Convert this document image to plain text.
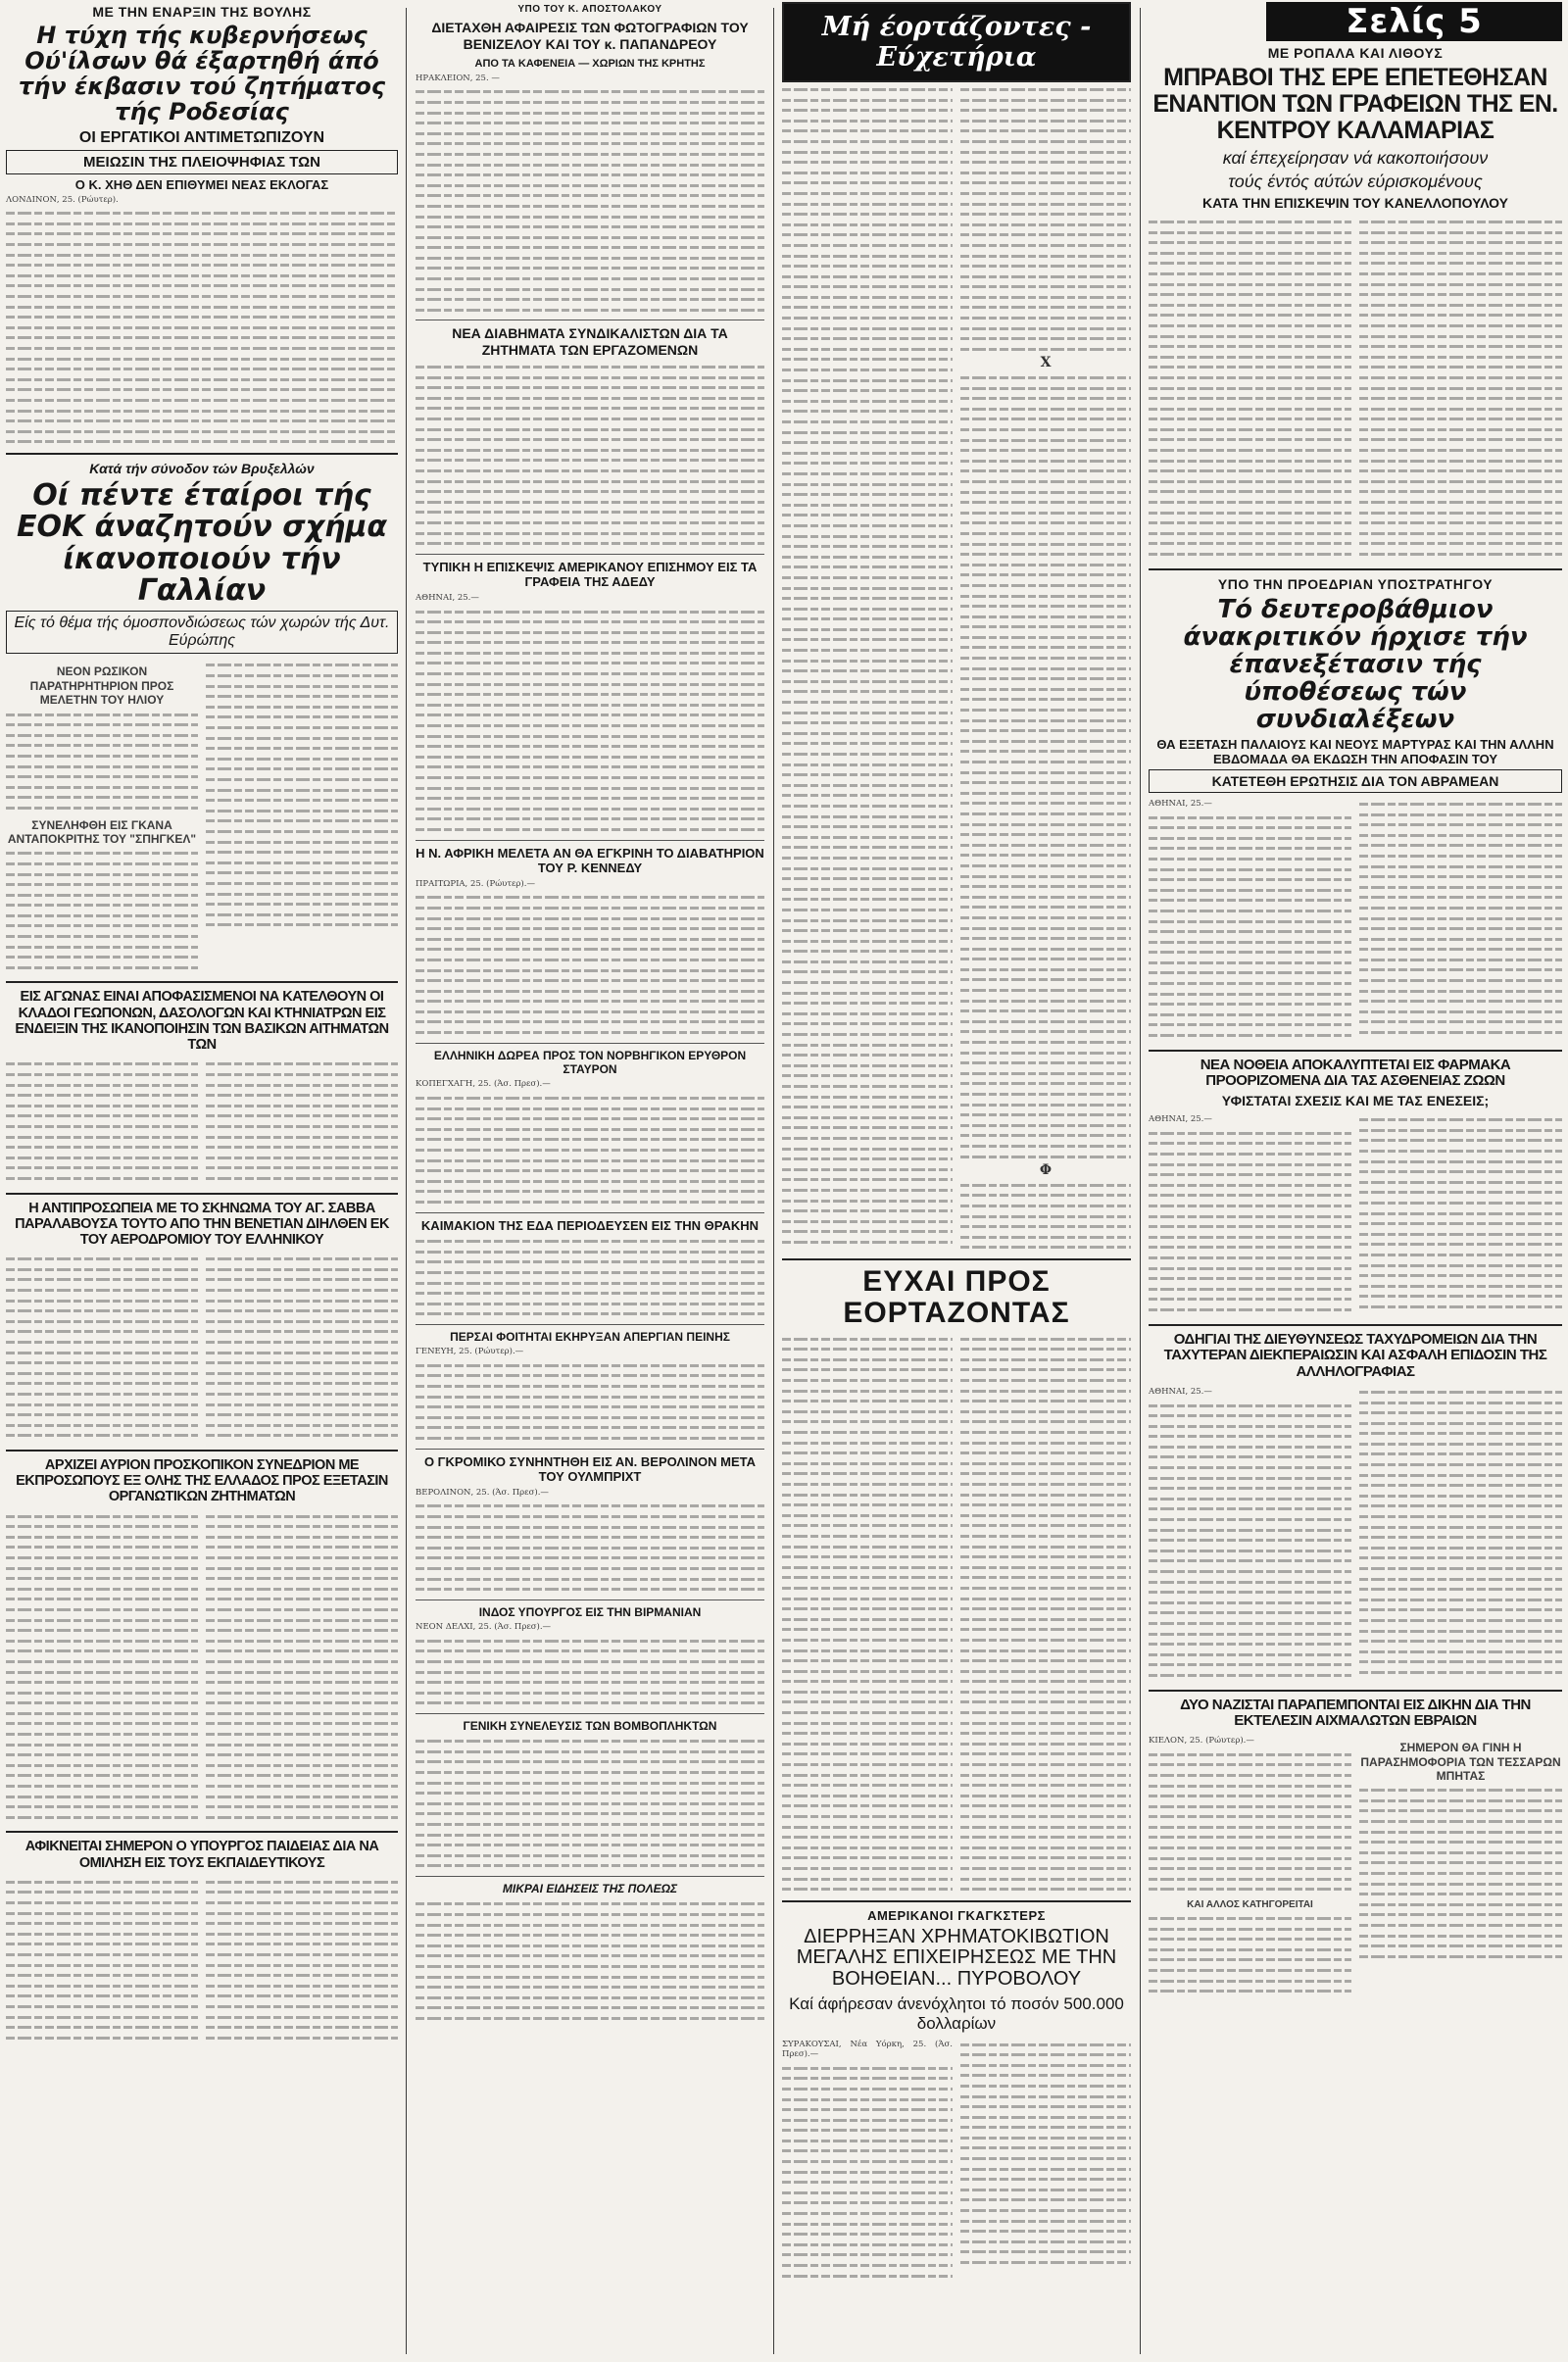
ΜΕ ΤΗΝ ΕΝΑΡΞΙΝ ΤΗΣ ΒΟΥΛΗΣ
Η τύχη τής κυβερνήσεως Ού'ίλσων θά έξαρτηθή άπό τήν έκβασιν τού ζητήματος τής Ροδεσίας
ΟΙ ΕΡΓΑΤΙΚΟΙ ΑΝΤΙΜΕΤΩΠΙΖΟΥΝ
ΜΕΙΩΣΙΝ ΤΗΣ ΠΛΕΙΟΨΗΦΙΑΣ ΤΩΝ
Ο Κ. ΧΗΘ ΔΕΝ ΕΠΙΘΥΜΕΙ ΝΕΑΣ ΕΚΛΟΓΑΣ

ΛΟΝΔΙΝΟΝ, 25. (Ρώυτερ).

Κατά τήν σύνοδον τών Βρυξελλών
Οί πέντε έταίροι τής ΕΟΚ άναζητούν σχήμα ίκανοποιούν τήν Γαλλίαν
Είς τό θέμα τής όμοσπονδιώσεως τών χωρών τής Δυτ. Εύρώπης
ΝΕΟΝ ΡΩΣΙΚΟΝ ΠΑΡΑΤΗΡΗΤΗΡΙΟΝ ΠΡΟΣ ΜΕΛΕΤΗΝ ΤΟΥ ΗΛΙΟΥ
ΣΥΝΕΛΗΦΘΗ ΕΙΣ ΓΚΑΝΑ ΑΝΤΑΠΟΚΡΙΤΗΣ ΤΟΥ "ΣΠΗΓΚΕΛ"
ΕΙΣ ΑΓΩΝΑΣ ΕΙΝΑΙ ΑΠΟΦΑΣΙΣΜΕΝΟΙ ΝΑ ΚΑΤΕΛΘΟΥΝ ΟΙ ΚΛΑΔΟΙ ΓΕΩΠΟΝΩΝ, ΔΑΣΟΛΟΓΩΝ ΚΑΙ ΚΤΗΝΙΑΤΡΩΝ ΕΙΣ ΕΝΔΕΙΞΙΝ ΤΗΣ ΙΚΑΝΟΠΟΙΗΣΙΝ ΤΩΝ ΒΑΣΙΚΩΝ ΑΙΤΗΜΑΤΩΝ ΤΩΝ
Η ΑΝΤΙΠΡΟΣΩΠΕΙΑ ΜΕ ΤΟ ΣΚΗΝΩΜΑ ΤΟΥ ΑΓ. ΣΑΒΒΑ ΠΑΡΑΛΑΒΟΥΣΑ ΤΟΥΤΟ ΑΠΟ ΤΗΝ ΒΕΝΕΤΙΑΝ ΔΙΗΛΘΕΝ ΕΚ ΤΟΥ ΑΕΡΟΔΡΟΜΙΟΥ ΤΟΥ ΕΛΛΗΝΙΚΟΥ
ΑΡΧΙΖΕΙ ΑΥΡΙΟΝ ΠΡΟΣΚΟΠΙΚΟΝ ΣΥΝΕΔΡΙΟΝ ΜΕ ΕΚΠΡΟΣΩΠΟΥΣ ΕΞ ΟΛΗΣ ΤΗΣ ΕΛΛΑΔΟΣ ΠΡΟΣ ΕΞΕΤΑΣΙΝ ΟΡΓΑΝΩΤΙΚΩΝ ΖΗΤΗΜΑΤΩΝ
ΑΦΙΚΝΕΙΤΑΙ ΣΗΜΕΡΟΝ Ο ΥΠΟΥΡΓΟΣ ΠΑΙΔΕΙΑΣ ΔΙΑ ΝΑ ΟΜΙΛΗΣΗ ΕΙΣ ΤΟΥΣ ΕΚΠΑΙΔΕΥΤΙΚΟΥΣ
ΥΠΟ ΤΟΥ Κ. ΑΠΟΣΤΟΛΑΚΟΥ
ΔΙΕΤΑΧΘΗ ΑΦΑΙΡΕΣΙΣ ΤΩΝ ΦΩΤΟΓΡΑΦΙΩΝ ΤΟΥ ΒΕΝΙΖΕΛΟΥ ΚΑΙ ΤΟΥ κ. ΠΑΠΑΝΔΡΕΟΥ
ΑΠΟ ΤΑ ΚΑΦΕΝΕΙΑ — ΧΩΡΙΩΝ ΤΗΣ ΚΡΗΤΗΣ

ΗΡΑΚΛΕΙΟΝ, 25. —

ΝΕΑ ΔΙΑΒΗΜΑΤΑ ΣΥΝΔΙΚΑΛΙΣΤΩΝ ΔΙΑ ΤΑ ΖΗΤΗΜΑΤΑ ΤΩΝ ΕΡΓΑΖΟΜΕΝΩΝ
ΤΥΠΙΚΗ Η ΕΠΙΣΚΕΨΙΣ ΑΜΕΡΙΚΑΝΟΥ ΕΠΙΣΗΜΟΥ ΕΙΣ ΤΑ ΓΡΑΦΕΙΑ ΤΗΣ ΑΔΕΔΥ

ΑΘΗΝΑΙ, 25.—

Η Ν. ΑΦΡΙΚΗ ΜΕΛΕΤΑ ΑΝ ΘΑ ΕΓΚΡΙΝΗ ΤΟ ΔΙΑΒΑΤΗΡΙΟΝ ΤΟΥ Ρ. ΚΕΝΝΕΔΥ

ΠΡΑΙΤΩΡΙΑ, 25. (Ρώυτερ).—

ΕΛΛΗΝΙΚΗ ΔΩΡΕΑ ΠΡΟΣ ΤΟΝ ΝΟΡΒΗΓΙΚΟΝ ΕΡΥΘΡΟΝ ΣΤΑΥΡΟΝ

ΚΟΠΕΓΧΑΓΗ, 25. (Άσ. Πρεσ).—

ΚΑΙΜΑΚΙΟΝ ΤΗΣ ΕΔΑ ΠΕΡΙΟΔΕΥΣΕΝ ΕΙΣ ΤΗΝ ΘΡΑΚΗΝ
ΠΕΡΣΑΙ ΦΟΙΤΗΤΑΙ ΕΚΗΡΥΞΑΝ ΑΠΕΡΓΙΑΝ ΠΕΙΝΗΣ

ΓΕΝΕΥΗ, 25. (Ρώυτερ).—

Ο ΓΚΡΟΜΙΚΟ ΣΥΝΗΝΤΗΘΗ ΕΙΣ ΑΝ. ΒΕΡΟΛΙΝΟΝ ΜΕΤΑ ΤΟΥ ΟΥΛΜΠΡΙΧΤ

ΒΕΡΟΛΙΝΟΝ, 25. (Άσ. Πρεσ).—

ΙΝΔΟΣ ΥΠΟΥΡΓΟΣ ΕΙΣ ΤΗΝ ΒΙΡΜΑΝΙΑΝ

ΝΕΟΝ ΔΕΛΧΙ, 25. (Άσ. Πρεσ).—

ΓΕΝΙΚΗ ΣΥΝΕΛΕΥΣΙΣ ΤΩΝ ΒΟΜΒΟΠΛΗΚΤΩΝ
ΜΙΚΡΑΙ ΕΙΔΗΣΕΙΣ ΤΗΣ ΠΟΛΕΩΣ
Μή έορτάζοντες - Εύχετήρια
Χ
Φ
ΕΥΧΑΙ ΠΡΟΣ ΕΟΡΤΑΖΟΝΤΑΣ
ΑΜΕΡΙΚΑΝΟΙ ΓΚΑΓΚΣΤΕΡΣ
ΔΙΕΡΡΗΞΑΝ ΧΡΗΜΑΤΟΚΙΒΩΤΙΟΝ ΜΕΓΑΛΗΣ ΕΠΙΧΕΙΡΗΣΕΩΣ ΜΕ ΤΗΝ ΒΟΗΘΕΙΑΝ... ΠΥΡΟΒΟΛΟΥ
Καί άφήρεσαν άνενόχλητοι τό ποσόν 500.000 δολλαρίων

ΣΥΡΑΚΟΥΣΑΙ, Νέα Υόρκη, 25. (Άσ. Πρεσ).—

Σελίς 5
ΜΕ ΡΟΠΑΛΑ ΚΑΙ ΛΙΘΟΥΣ
ΜΠΡΑΒΟΙ ΤΗΣ ΕΡΕ ΕΠΕΤΕΘΗΣΑΝ ΕΝΑΝΤΙΟΝ ΤΩΝ ΓΡΑΦΕΙΩΝ ΤΗΣ ΕΝ. ΚΕΝΤΡΟΥ ΚΑΛΑΜΑΡΙΑΣ
καί έπεχείρησαν νά κακοποιήσουν
τούς έντός αύτών εύρισκομένους
ΚΑΤΑ ΤΗΝ ΕΠΙΣΚΕΨΙΝ ΤΟΥ ΚΑΝΕΛΛΟΠΟΥΛΟΥ
ΥΠΟ ΤΗΝ ΠΡΟΕΔΡΙΑΝ ΥΠΟΣΤΡΑΤΗΓΟΥ
Τό δευτεροβάθμιον άνακριτικόν ήρχισε τήν έπανεξέτασιν τής ύποθέσεως τών συνδιαλέξεων
ΘΑ ΕΞΕΤΑΣΗ ΠΑΛΑΙΟΥΣ ΚΑΙ ΝΕΟΥΣ ΜΑΡΤΥΡΑΣ ΚΑΙ ΤΗΝ ΑΛΛΗΝ ΕΒΔΟΜΑΔΑ ΘΑ ΕΚΔΩΣΗ ΤΗΝ ΑΠΟΦΑΣΙΝ ΤΟΥ
ΚΑΤΕΤΕΘΗ ΕΡΩΤΗΣΙΣ ΔΙΑ ΤΟΝ ΑΒΡΑΜΕΑΝ

ΑΘΗΝΑΙ, 25.—

ΝΕΑ ΝΟΘΕΙΑ ΑΠΟΚΑΛΥΠΤΕΤΑΙ ΕΙΣ ΦΑΡΜΑΚΑ ΠΡΟΟΡΙΖΟΜΕΝΑ ΔΙΑ ΤΑΣ ΑΣΘΕΝΕΙΑΣ ΖΩΩΝ
ΥΦΙΣΤΑΤΑΙ ΣΧΕΣΙΣ ΚΑΙ ΜΕ ΤΑΣ ΕΝΕΣΕΙΣ;

ΑΘΗΝΑΙ, 25.—

ΟΔΗΓΙΑΙ ΤΗΣ ΔΙΕΥΘΥΝΣΕΩΣ ΤΑΧΥΔΡΟΜΕΙΩΝ ΔΙΑ ΤΗΝ ΤΑΧΥΤΕΡΑΝ ΔΙΕΚΠΕΡΑΙΩΣΙΝ ΚΑΙ ΑΣΦΑΛΗ ΕΠΙΔΟΣΙΝ ΤΗΣ ΑΛΛΗΛΟΓΡΑΦΙΑΣ

ΑΘΗΝΑΙ, 25.—

ΔΥΟ ΝΑΖΙΣΤΑΙ ΠΑΡΑΠΕΜΠΟΝΤΑΙ ΕΙΣ ΔΙΚΗΝ ΔΙΑ ΤΗΝ ΕΚΤΕΛΕΣΙΝ ΑΙΧΜΑΛΩΤΩΝ ΕΒΡΑΙΩΝ

ΚΙΕΛΟΝ, 25. (Ρώυτερ).—

ΚΑΙ ΑΛΛΟΣ ΚΑΤΗΓΟΡΕΙΤΑΙ
ΣΗΜΕΡΟΝ ΘΑ ΓΙΝΗ Η ΠΑΡΑΣΗΜΟΦΟΡΙΑ ΤΩΝ ΤΕΣΣΑΡΩΝ ΜΠΗΤΑΣ
